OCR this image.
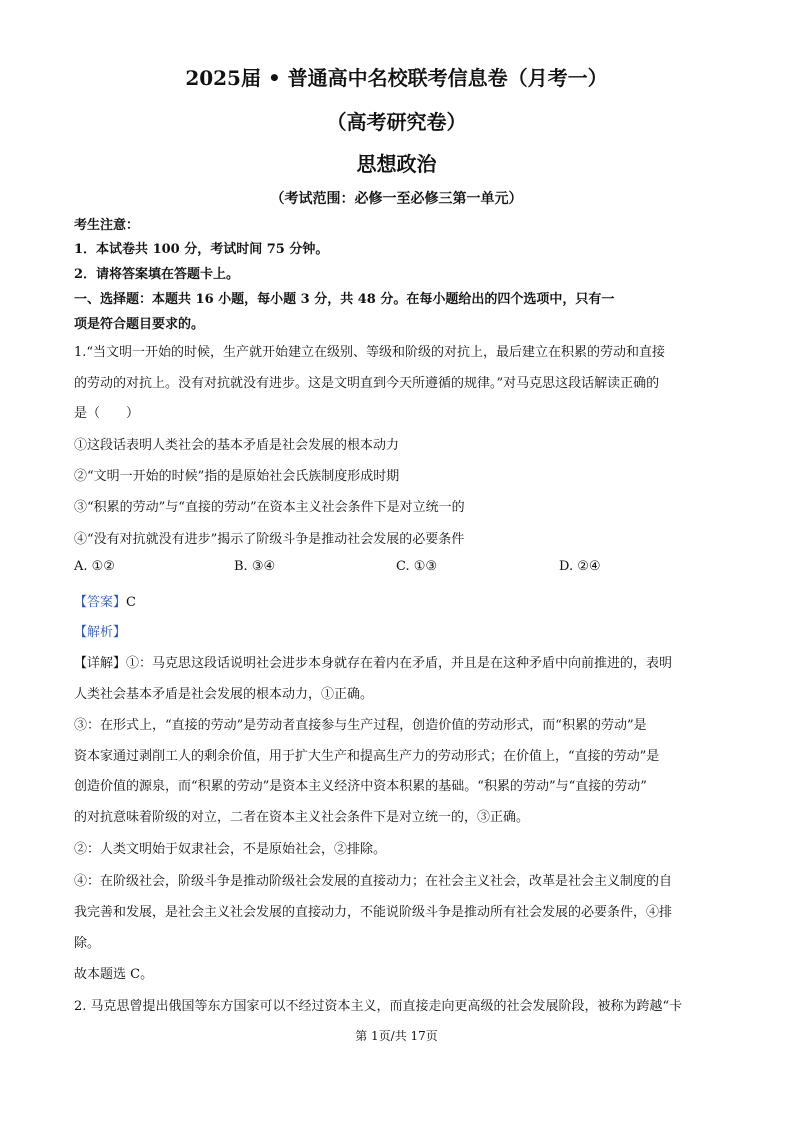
2025届 • 普通高中名校联考信息卷（月考一）
（高考研究卷）
思想政治
（考试范围：必修一至必修三第一单元）
考生注意：
1．本试卷共 100 分，考试时间 75 分钟。
2．请将答案填在答题卡上。
一、选择题：本题共 16 小题，每小题 3 分，共 48 分。在每小题给出的四个选项中，只有一
项是符合题目要求的。
1.“当文明一开始的时候，生产就开始建立在级别、等级和阶级的对抗上，最后建立在积累的劳动和直接
的劳动的对抗上。没有对抗就没有进步。这是文明直到今天所遵循的规律。”对马克思这段话解读正确的
是（　　）
①这段话表明人类社会的基本矛盾是社会发展的根本动力
②“文明一开始的时候”指的是原始社会氏族制度形成时期
③“积累的劳动”与“直接的劳动”在资本主义社会条件下是对立统一的
④“没有对抗就没有进步”揭示了阶级斗争是推动社会发展的必要条件
A. ①②	B. ③④	C. ①③	D. ②④
【答案】C
【解析】
【详解】①：马克思这段话说明社会进步本身就存在着内在矛盾，并且是在这种矛盾中向前推进的，表明
人类社会基本矛盾是社会发展的根本动力，①正确。
③：在形式上，“直接的劳动”是劳动者直接参与生产过程，创造价值的劳动形式，而“积累的劳动”是
资本家通过剥削工人的剩余价值，用于扩大生产和提高生产力的劳动形式；在价值上，“直接的劳动”是
创造价值的源泉，而“积累的劳动”是资本主义经济中资本积累的基础。“积累的劳动”与“直接的劳动”
的对抗意味着阶级的对立，二者在资本主义社会条件下是对立统一的，③正确。
②：人类文明始于奴隶社会，不是原始社会，②排除。
④：在阶级社会，阶级斗争是推动阶级社会发展的直接动力；在社会主义社会，改革是社会主义制度的自
我完善和发展，是社会主义社会发展的直接动力，不能说阶级斗争是推动所有社会发展的必要条件，④排
除。
故本题选 C。
2. 马克思曾提出俄国等东方国家可以不经过资本主义，而直接走向更高级的社会发展阶段，被称为跨越“卡
第 1页/共 17页
